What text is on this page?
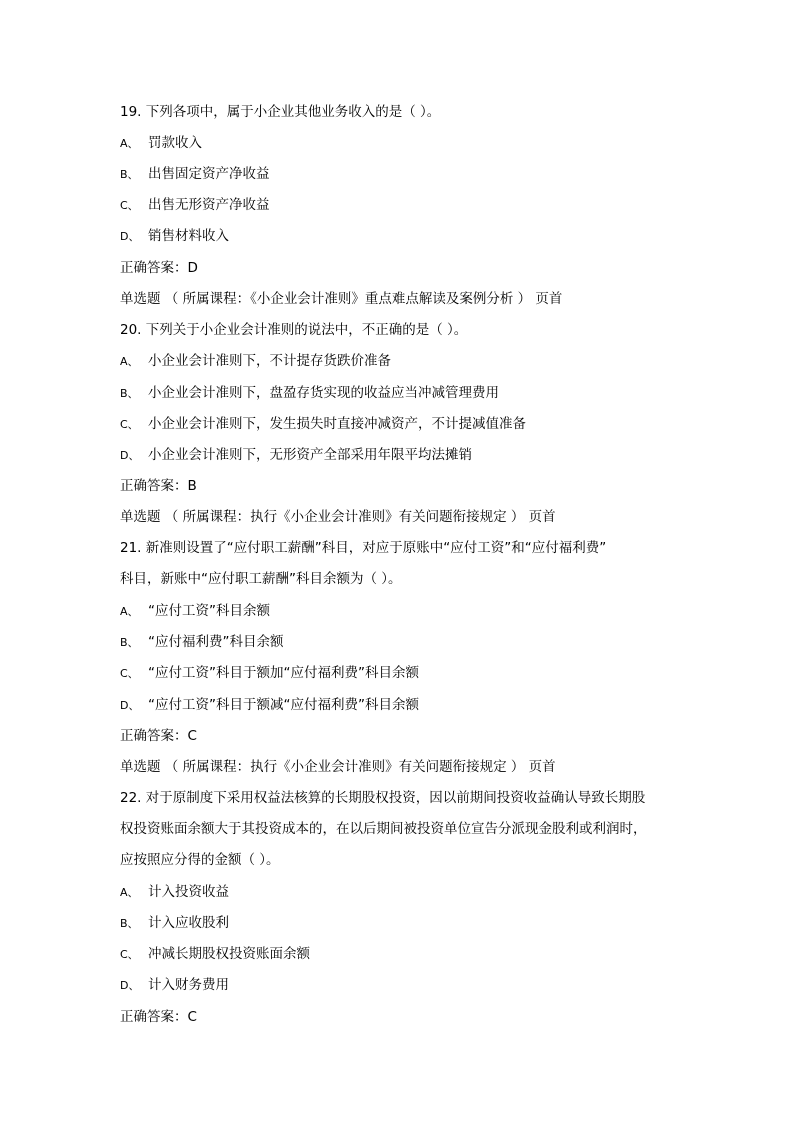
19. 下列各项中，属于小企业其他业务收入的是（ ）。
A、 罚款收入
B、 出售固定资产净收益
C、 出售无形资产净收益
D、 销售材料收入
正确答案：D
单选题 （ 所属课程：《小企业会计准则》重点难点解读及案例分析 ） 页首
20. 下列关于小企业会计准则的说法中，不正确的是（ ）。
A、 小企业会计准则下，不计提存货跌价准备
B、 小企业会计准则下，盘盈存货实现的收益应当冲减管理费用
C、 小企业会计准则下，发生损失时直接冲减资产，不计提减值准备
D、 小企业会计准则下，无形资产全部采用年限平均法摊销
正确答案：B
单选题 （ 所属课程：执行《小企业会计准则》有关问题衔接规定 ） 页首
21. 新准则设置了“应付职工薪酬”科目，对应于原账中“应付工资”和“应付福利费”
科目，新账中“应付职工薪酬”科目余额为（ ）。
A、 “应付工资”科目余额
B、 “应付福利费”科目余额
C、 “应付工资”科目于额加“应付福利费”科目余额
D、 “应付工资”科目于额减“应付福利费”科目余额
正确答案：C
单选题 （ 所属课程：执行《小企业会计准则》有关问题衔接规定 ） 页首
22. 对于原制度下采用权益法核算的长期股权投资，因以前期间投资收益确认导致长期股
权投资账面余额大于其投资成本的，在以后期间被投资单位宣告分派现金股利或利润时，
应按照应分得的金额（ ）。
A、 计入投资收益
B、 计入应收股利
C、 冲减长期股权投资账面余额
D、 计入财务费用
正确答案：C
